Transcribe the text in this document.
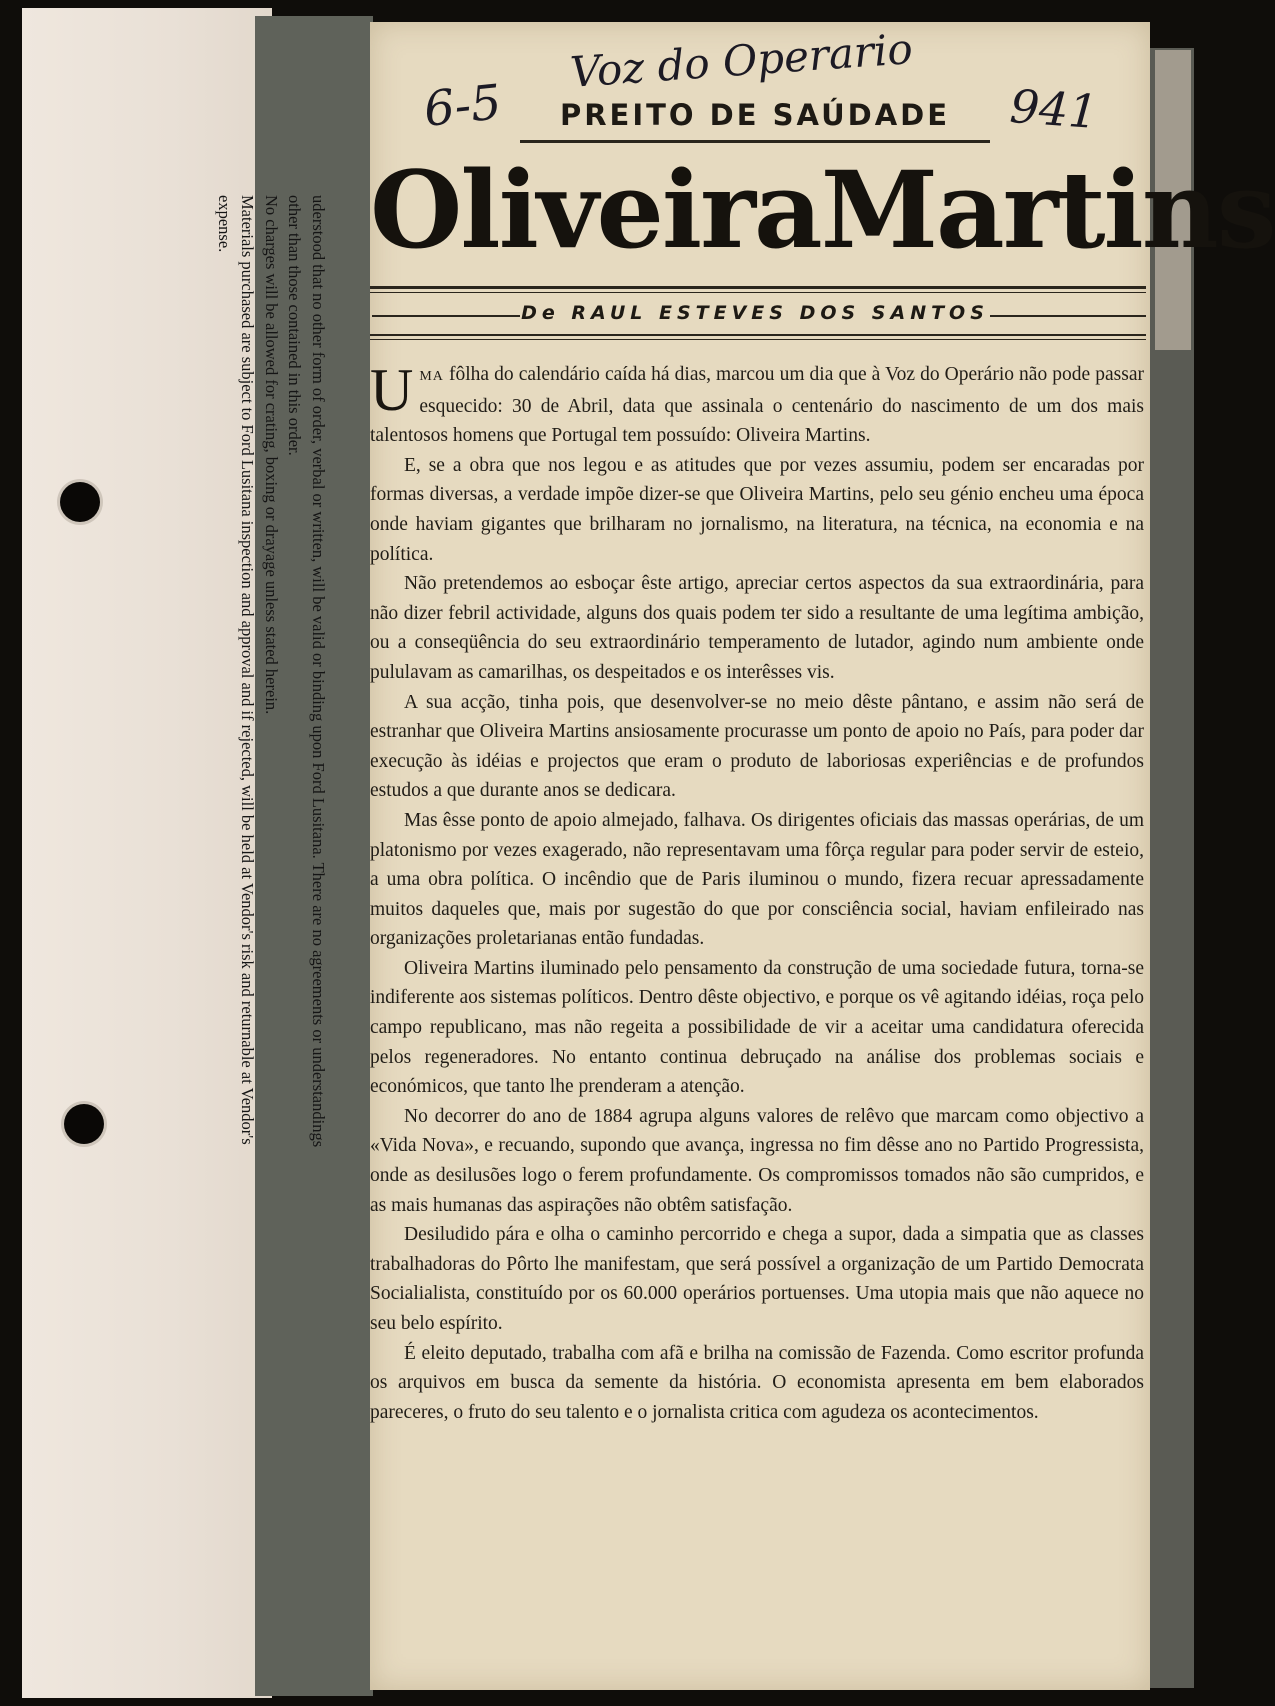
uderstood that no other form of order, verbal or written, will be valid or binding upon Ford Lusitana. There are no agreements or understandings
other than those contained in this order.
No charges will be allowed for crating, boxing or drayage unless stated herein.
Materials purchased are subject to Ford Lusitana inspection and approval and if rejected, will be held at Vendor's risk and returnable at Vendor's
expense.
6-5
Voz do Operario
941
PREITO DE SAÚDADE
Oliveira Martins
De RAUL ESTEVES DOS SANTOS

UMA fôlha do calendário caída há dias, marcou um dia que à Voz do Operário não pode passar esquecido: 30 de Abril, data que assinala o centenário do nascimento de um dos mais talentosos homens que Portugal tem possuído: Oliveira Martins.

E, se a obra que nos legou e as atitudes que por vezes assumiu, podem ser encaradas por formas diversas, a verdade impõe dizer-se que Oliveira Martins, pelo seu génio encheu uma época onde haviam gigantes que brilharam no jornalismo, na literatura, na técnica, na economia e na política.

Não pretendemos ao esboçar êste artigo, apreciar certos aspectos da sua extraordinária, para não dizer febril actividade, alguns dos quais podem ter sido a resultante de uma legítima ambição, ou a conseqüência do seu extraordinário temperamento de lutador, agindo num ambiente onde pululavam as camarilhas, os despeitados e os interêsses vis.

A sua acção, tinha pois, que desenvolver-se no meio dêste pântano, e assim não será de estranhar que Oliveira Martins ansiosamente procurasse um ponto de apoio no País, para poder dar execução às idéias e projectos que eram o produto de laboriosas experiências e de profundos estudos a que durante anos se dedicara.

Mas êsse ponto de apoio almejado, falhava. Os dirigentes oficiais das massas operárias, de um platonismo por vezes exagerado, não representavam uma fôrça regular para poder servir de esteio, a uma obra política. O incêndio que de Paris iluminou o mundo, fizera recuar apressadamente muitos daqueles que, mais por sugestão do que por consciência social, haviam enfileirado nas organizações proletarianas então fundadas.

Oliveira Martins iluminado pelo pensamento da construção de uma sociedade futura, torna-se indiferente aos sistemas políticos. Dentro dêste objectivo, e porque os vê agitando idéias, roça pelo campo republicano, mas não regeita a possibilidade de vir a aceitar uma candidatura oferecida pelos regeneradores. No entanto continua debruçado na análise dos problemas sociais e económicos, que tanto lhe prenderam a atenção.

No decorrer do ano de 1884 agrupa alguns valores de relêvo que marcam como objectivo a «Vida Nova», e recuando, supondo que avança, ingressa no fim dêsse ano no Partido Progressista, onde as desilusões logo o ferem profundamente. Os compromissos tomados não são cumpridos, e as mais humanas das aspirações não obtêm satisfação.

Desiludido pára e olha o caminho percorrido e chega a supor, dada a simpatia que as classes trabalhadoras do Pôrto lhe manifestam, que será possível a organização de um Partido Democrata Socialialista, constituído por os 60.000 operários portuenses. Uma utopia mais que não aquece no seu belo espírito.

É eleito deputado, trabalha com afã e brilha na comissão de Fazenda. Como escritor profunda os arquivos em busca da semente da história. O economista apresenta em bem elaborados pareceres, o fruto do seu talento e o jornalista critica com agudeza os acontecimentos.
